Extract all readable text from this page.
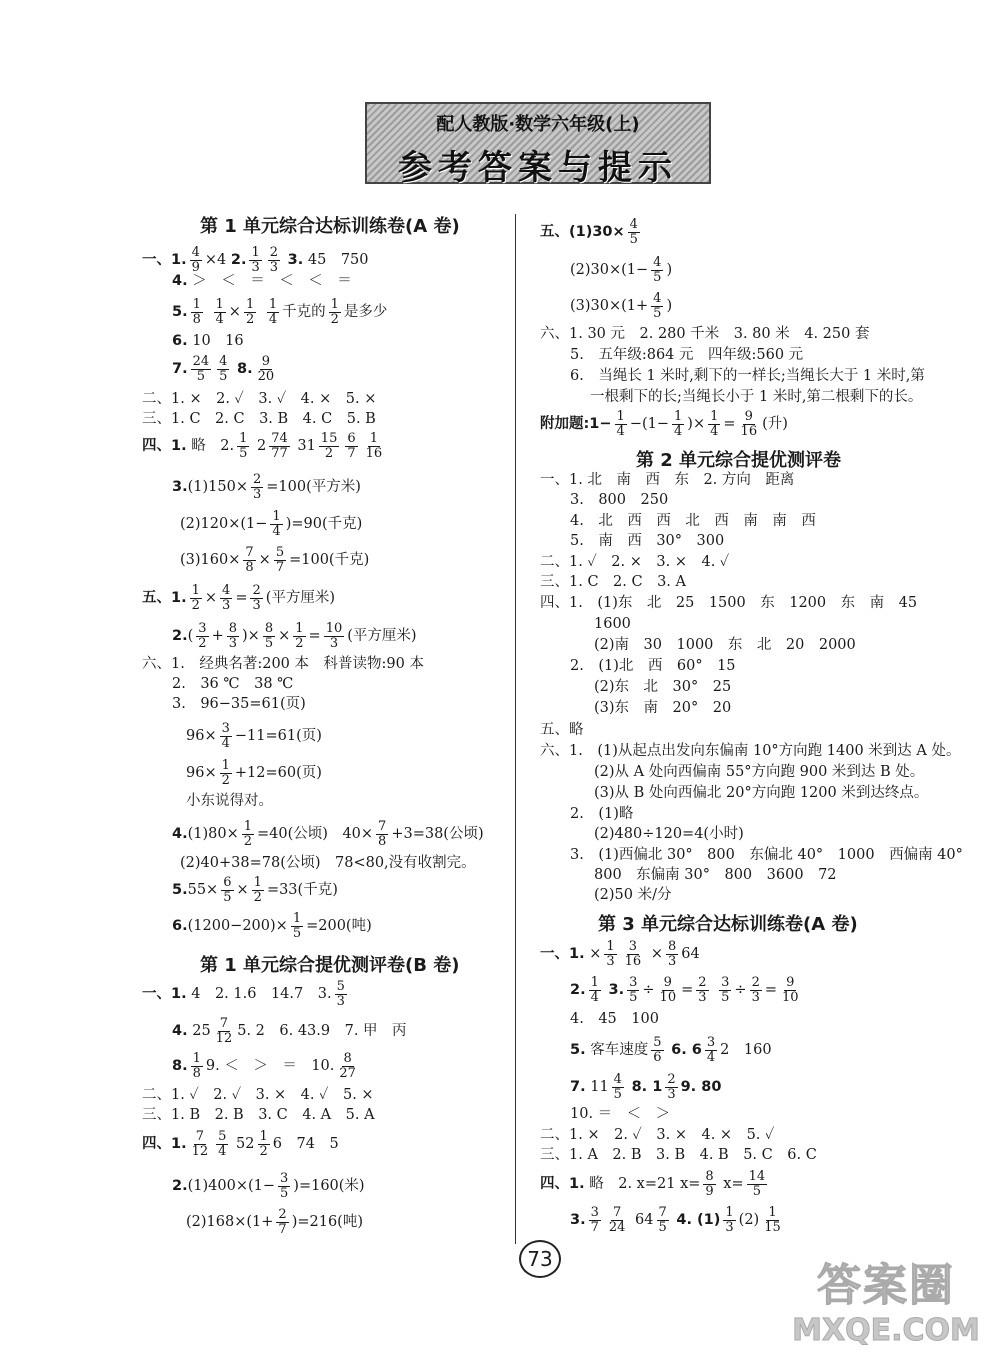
配人教版·数学六年级(上)
参考答案与提示
第 1 单元综合达标训练卷(A 卷)
一、1. $\frac{4}{9} \times 4$ 2. $\frac{1}{3} \frac{2}{3} 3$. 45　750
4. ＞　＜　＝　＜　＜　＝
5. $\frac{1}{8}$
$\frac{1}{4} \times \frac{1}{2}$
$\frac{1}{4}$ 千克的 $\frac{1}{2}$ 是多少
6. 10　16
7. $\frac{24}{5} \frac{4}{5} 8$. $\frac{9}{20}$
二、1. ×　2. ✓　3. ✓　4. ×　5. ×
三、1. C　2. C　3. B　4. C　5. B
四、1. 略　2. $\frac{1}{5} 2 \frac{74}{77} 31 \frac{15}{2} \frac{6}{7} \frac{1}{16}$
$3.(1)150\times \frac{2}{3} =100$(平方米)
$(2)120\times(1- \frac{1}{4} )=90$(千克)
$(3)160\times \frac{7}{8} \times \frac{5}{7} =100$(千克)
五、1. $\frac{1}{2} \times \frac{4}{3} = \frac{2}{3}$ (平方厘米)
$2.( \frac{3}{2} + \frac{8}{3}$ )× $\frac{8}{5} \times \frac{1}{2} = \frac{10}{3}$ (平方厘米)
六、1.　经典名著:200 本　科普读物:90 本
2.　36 ℃　38 ℃
3.　96−35=61(页)
$96\times \frac{3}{4} -11=61$(页)
$96\times \frac{1}{2} +12=60$(页)
小东说得对。
$4.(1)80\times \frac{1}{2} =40$(公顷)　$40\times \frac{7}{8} +3=38$(公顷)
(2)40+38=78(公顷)　78<80,没有收割完。
$5.55\times \frac{6}{5} \times \frac{1}{2} =33$(千克)
$6.(1200-200)\times \frac{1}{5} =200$(吨)
第 1 单元综合提优测评卷(B 卷)
一、1. 4　2. 1.6　14.7　3. $\frac{5}{3}$
4. $25 \frac{7}{12} 5$. 2　6. 43.9　7. 甲　丙
8. $\frac{1}{8} 9$. ＜　＞　＝　10. $\frac{8}{27}$
二、1. ✓　2. ✓　3. ×　4. ✓　5. ×
三、1. B　2. B　3. C　4. A　5. A
四、1. $\frac{7}{12} \frac{5}{4} 52 \frac{1}{2} 6$　74　5
$2.(1)400\times(1- \frac{3}{5} )=160$(米)
$(2)168\times(1+ \frac{2}{7} )=216$(吨)
五、$(1)30\times \frac{4}{5}$
$(2)30\times(1- \frac{4}{5}$ )
$(3)30\times(1+ \frac{4}{5}$ )
六、1. 30 元　2. 280 千米　3. 80 米　4. 250 套
5.　五年级:864 元　四年级:560 元
6.　当绳长 1 米时,剩下的一样长;当绳长大于 1 米时,第
一根剩下的长;当绳长小于 1 米时,第二根剩下的长。
附加题:1− $\frac{1}{4} -(1- \frac{1}{4}$ )× $\frac{1}{4} = \frac{9}{16}$ (升)
第 2 单元综合提优测评卷
一、1. 北　南　西　东　2. 方向　距离
3.　800　250
4.　北　西　西　北　西　南　南　西
5.　南　西　30°　300
二、1. ✓　2. ×　3. ×　4. ✓
三、1. C　2. C　3. A
四、1.　(1)东　北　25　1500　东　1200　东　南　45
1600
(2)南　30　1000　东　北　20　2000
2.　(1)北　西　60°　15
(2)东　北　30°　25
(3)东　南　20°　20
五、略
六、1.　(1)从起点出发向东偏南 10°方向跑 1400 米到达 A 处。
(2)从 A 处向西偏南 55°方向跑 900 米到达 B 处。
(3)从 B 处向西偏北 20°方向跑 1200 米到达终点。
2.　(1)略
(2)480÷120=4(小时)
3.　(1)西偏北 30°　800　东偏北 40°　1000　西偏南 40°
800　东偏南 30°　800　3600　72
(2)50 米/分
第 3 单元综合达标训练卷(A 卷)
一、1. × $\frac{1}{3} \frac{3}{16} \times \frac{8}{3} 64$
2. $\frac{1}{4} 3$. $\frac{3}{5} \div \frac{9}{10} = \frac{2}{3}$
$\frac{3}{5} \div \frac{2}{3} = \frac{9}{10}$
4.　45　100
5. 客车速度 $\frac{5}{6} 6$. $6 \frac{3}{4} 2$　160
7. $11 \frac{4}{5} 8$. $1 \frac{2}{3} 9$. 80
10. ＝　＜　＞
二、1. ×　2. ✓　3. ×　4. ×　5. ✓
三、1. A　2. B　3. B　4. B　5. C　6. C
四、1. 略　2. x=21 $x= \frac{8}{9} x= \frac{14}{5}$
3. $\frac{3}{7} \frac{7}{24} 64 \frac{7}{5} 4$. $(1) \frac{1}{3} (2) \frac{1}{15}$
73
答案圈
MXQE.COM
